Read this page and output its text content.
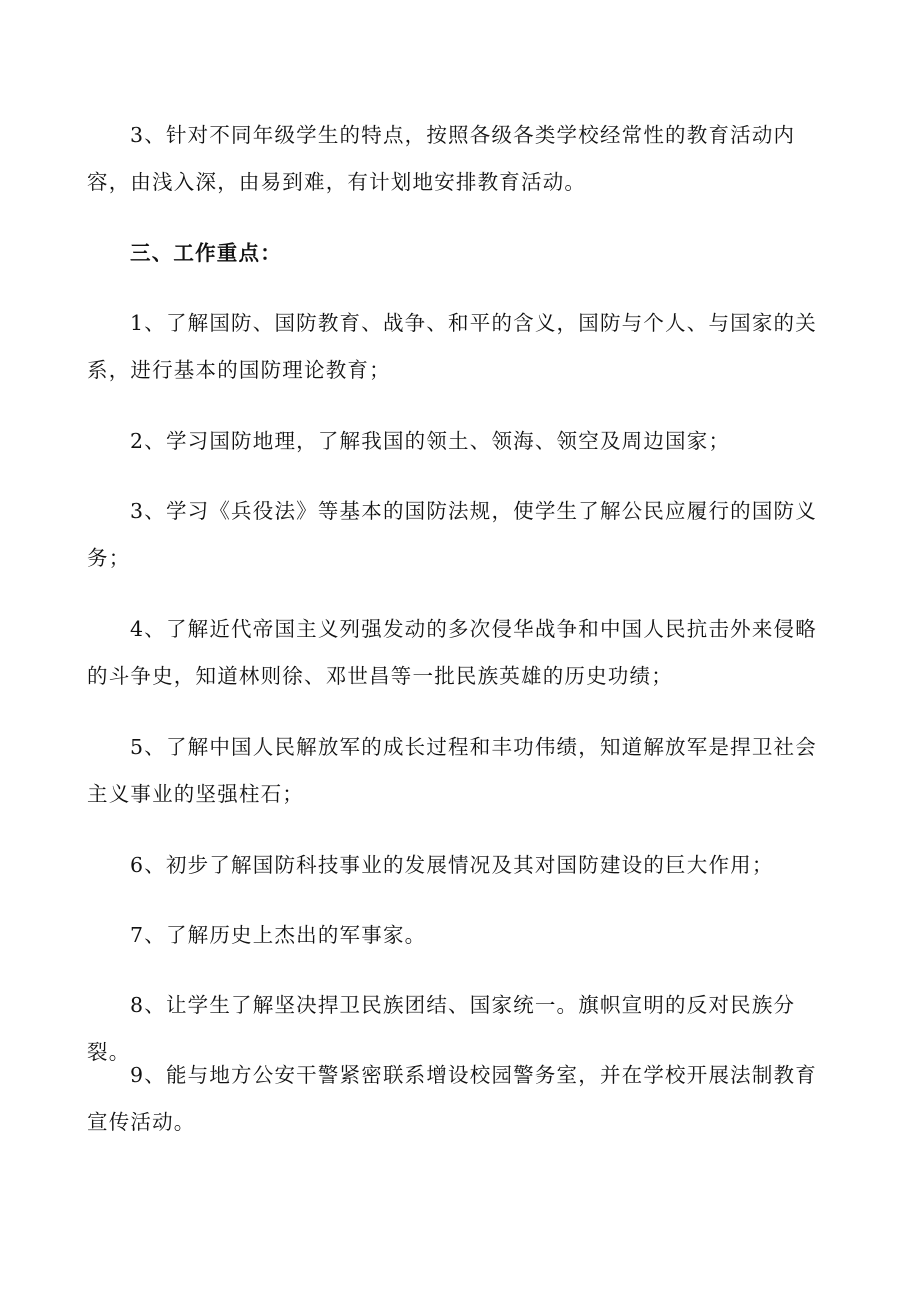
3、针对不同年级学生的特点，按照各级各类学校经常性的教育活动内容，由浅入深，由易到难，有计划地安排教育活动。

三、工作重点：

1、了解国防、国防教育、战争、和平的含义，国防与个人、与国家的关系，进行基本的国防理论教育；

2、学习国防地理，了解我国的领土、领海、领空及周边国家；

3、学习《兵役法》等基本的国防法规，使学生了解公民应履行的国防义务；

4、了解近代帝国主义列强发动的多次侵华战争和中国人民抗击外来侵略的斗争史，知道林则徐、邓世昌等一批民族英雄的历史功绩；

5、了解中国人民解放军的成长过程和丰功伟绩，知道解放军是捍卫社会主义事业的坚强柱石；

6、初步了解国防科技事业的发展情况及其对国防建设的巨大作用；

7、了解历史上杰出的军事家。

8、让学生了解坚决捍卫民族团结、国家统一。旗帜宣明的反对民族分裂。

9、能与地方公安干警紧密联系增设校园警务室，并在学校开展法制教育宣传活动。
